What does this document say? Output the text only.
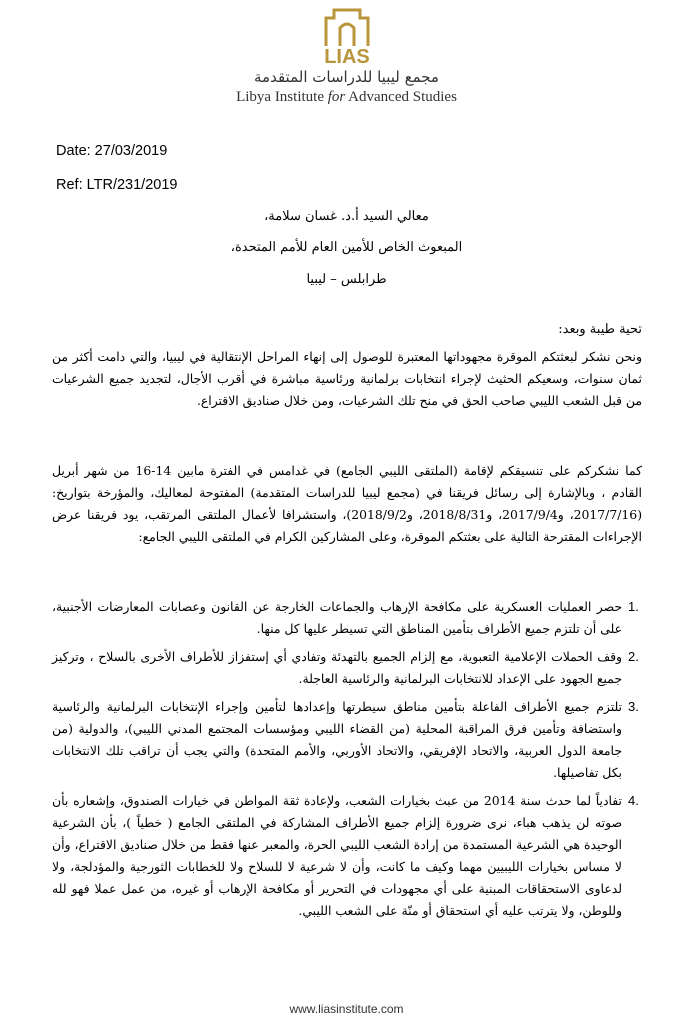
LIAS
مجمع ليبيا للدراسات المتقدمة
Libya Institute for Advanced Studies
Date: 27/03/2019
Ref: LTR/231/2019
معالي السيد أ.د. غسان سلامة،
المبعوث الخاص للأمين العام للأمم المتحدة،
طرابلس – ليبيا
تحية طيبة وبعد:
ونحن نشكر لبعثتكم الموقرة مجهوداتها المعتبرة للوصول إلى إنهاء المراحل الإنتقالية في ليبيا، والتي دامت أكثر من ثمان سنوات، وسعيكم الحثيث لإجراء انتخابات برلمانية ورئاسية مباشرة في أقرب الأجال، لتجديد جميع الشرعيات من قبل الشعب الليبي صاحب الحق في منح تلك الشرعيات، ومن خلال صناديق الاقتراع.
كما نشكركم على تنسيقكم لإقامة (الملتقى الليبي الجامع) في غدامس في الفترة مابين 14-16 من شهر أبريل القادم ، وبالإشارة إلى رسائل فريقنا في (مجمع ليبيا للدراسات المتقدمة) المفتوحة لمعاليك، والمؤرخة بتواريخ: (2017/7/16، و2017/9/4، و2018/8/31، و2018/9/2)، واستشرافا لأعمال الملتقى المرتقب، يود فريقنا عرض الإجراءات المقترحة التالية على بعثتكم الموقرة، وعلى المشاركين الكرام في الملتقى الليبي الجامع:
1.
حصر العمليات العسكرية على مكافحة الإرهاب والجماعات الخارجة عن القانون وعصابات المعارضات الأجنبية، على أن تلتزم جميع الأطراف بتأمين المناطق التي تسيطر عليها كل منها.
2.
وقف الحملات الإعلامية التعبوية، مع إلزام الجميع بالتهدئة وتفادي أي إستفزاز للأطراف الأخرى بالسلاح ، وتركيز جميع الجهود على الإعداد للانتخابات البرلمانية والرئاسية العاجلة.
3.
تلتزم جميع الأطراف الفاعلة بتأمين مناطق سيطرتها وإعدادها لتأمين وإجراء الإنتخابات البرلمانية والرئاسية واستضافة وتأمين فرق المراقبة المحلية (من القضاء الليبي ومؤسسات المجتمع المدني الليبي)، والدولية (من جامعة الدول العربية، والاتحاد الإفريقي، والاتحاد الأوربي، والأمم المتحدة) والتي يجب أن تراقب تلك الانتخابات بكل تفاصيلها.
4.
تفادياً لما حدث سنة 2014 من عبث بخيارات الشعب، ولإعادة ثقة المواطن في خيارات الصندوق، وإشعاره بأن صوته لن يذهب هباء، نرى ضرورة إلزام جميع الأطراف المشاركة في الملتقى الجامع ( خطياً )، بأن الشرعية الوحيدة هي الشرعية المستمدة من إرادة الشعب الليبي الحرة، والمعبر عنها فقط من خلال صناديق الاقتراع، وأن لا مساس بخيارات الليبيين مهما وكيف ما كانت، وأن لا شرعية لا للسلاح ولا للخطابات الثورجية والمؤدلجة، ولا لدعاوى الاستحقاقات المبنية على أي مجهودات في التحرير أو مكافحة الإرهاب أو غيره، من عمل عملا فهو لله وللوطن، ولا يترتب عليه أي استحقاق أو منّة على الشعب الليبي.
www.liasinstitute.com
